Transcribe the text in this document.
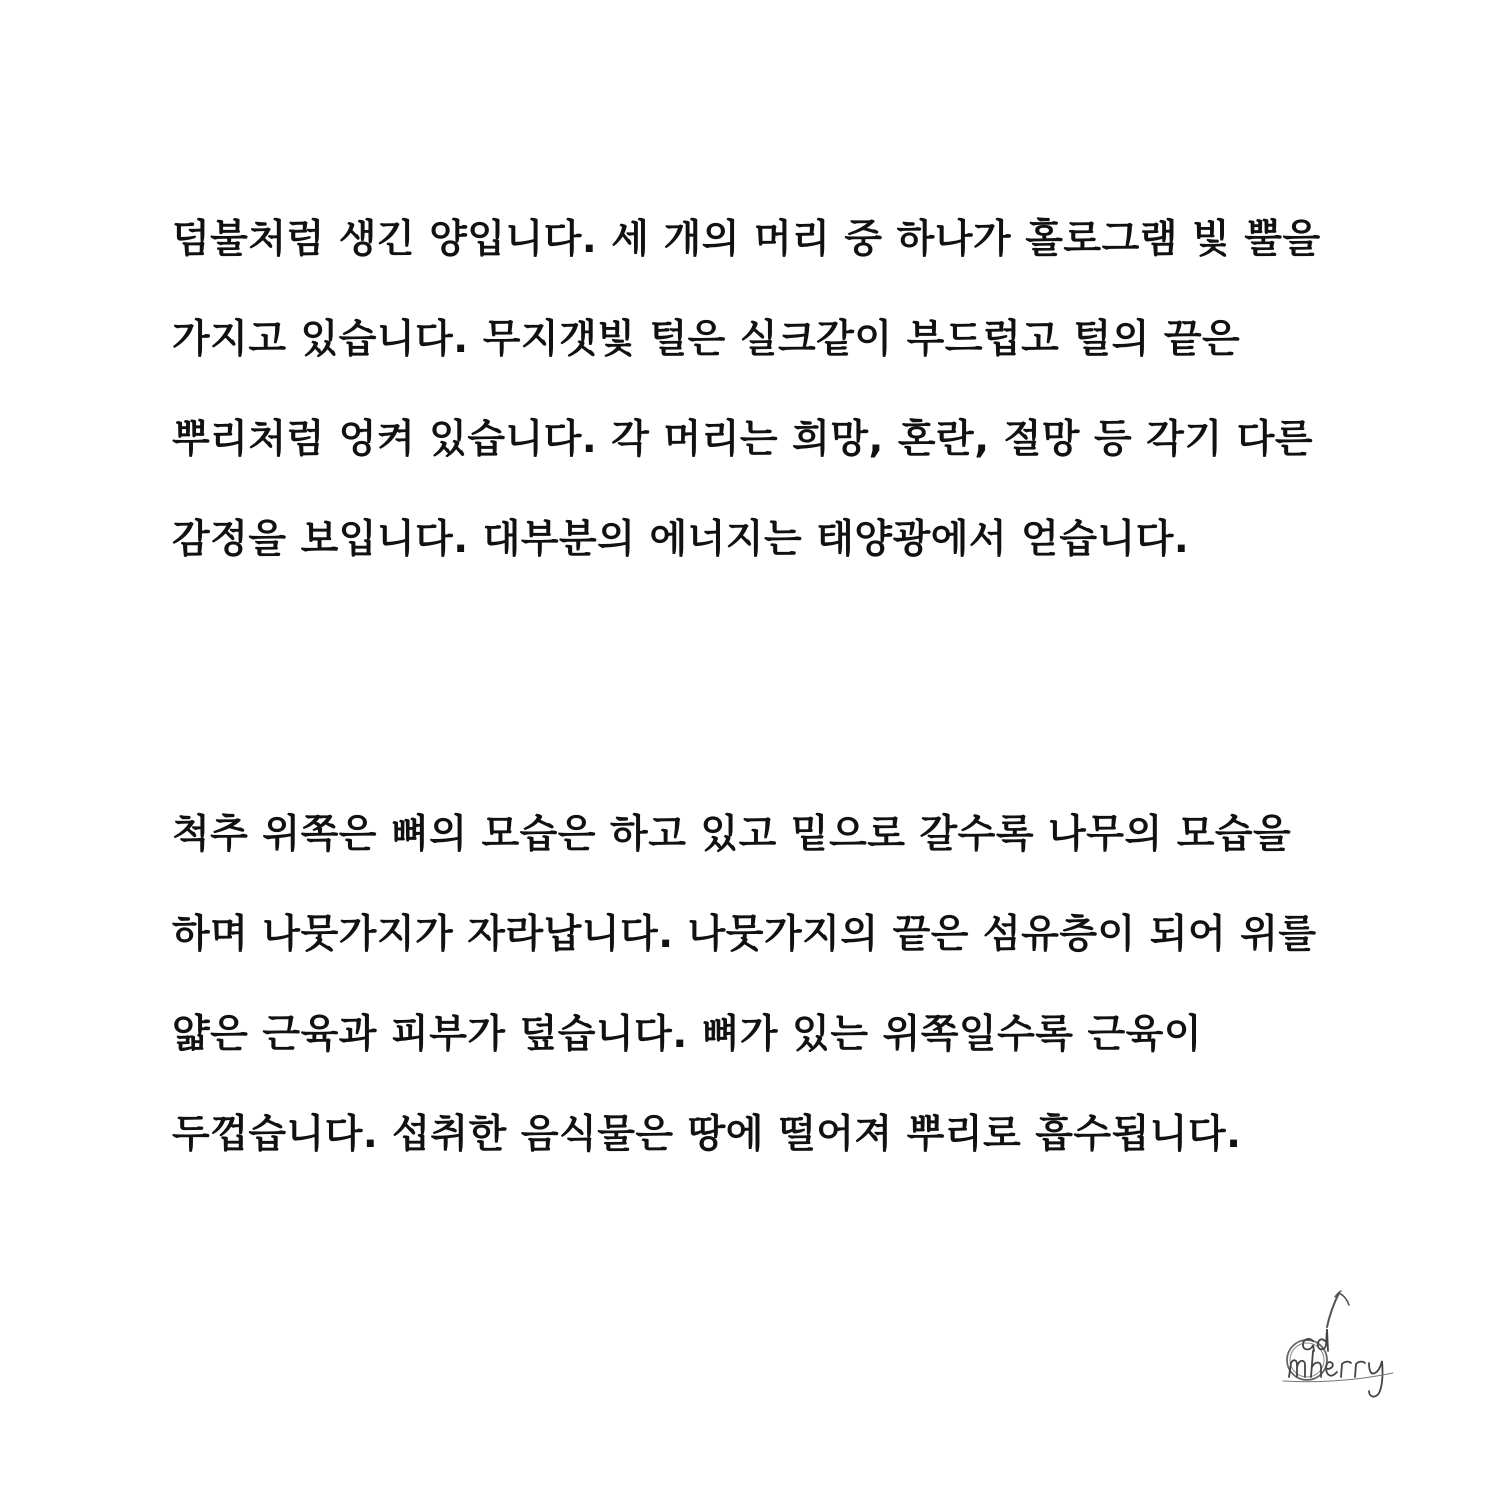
덤불처럼 생긴 양입니다. 세 개의 머리 중 하나가 홀로그램 빛 뿔을
가지고 있습니다. 무지갯빛 털은 실크같이 부드럽고 털의 끝은
뿌리처럼 엉켜 있습니다. 각 머리는 희망, 혼란, 절망 등 각기 다른
감정을 보입니다. 대부분의 에너지는 태양광에서 얻습니다.
척추 위쪽은 뼈의 모습은 하고 있고 밑으로 갈수록 나무의 모습을
하며 나뭇가지가 자라납니다. 나뭇가지의 끝은 섬유층이 되어 위를
얇은 근육과 피부가 덮습니다. 뼈가 있는 위쪽일수록 근육이
두껍습니다. 섭취한 음식물은 땅에 떨어져 뿌리로 흡수됩니다.
